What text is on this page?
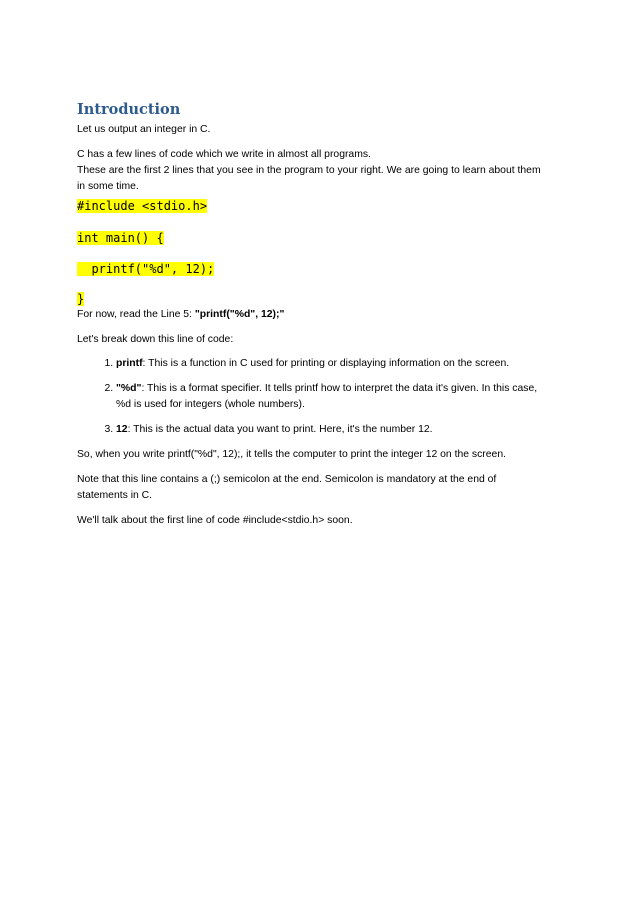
Introduction

Let us output an integer in C.

C has a few lines of code which we write in almost all programs.

These are the first 2 lines that you see in the program to your right. We are going to learn about them in some time.

#include <stdio.h>

int main() {

printf("%d", 12);

}

For now, read the Line 5: "printf("%d", 12);"

Let's break down this line of code:

1. printf: This is a function in C used for printing or displaying information on the screen.
2. "%d": This is a format specifier. It tells printf how to interpret the data it's given. In this case, %d is used for integers (whole numbers).
3. 12: This is the actual data you want to print. Here, it's the number 12.

So, when you write printf("%d", 12);, it tells the computer to print the integer 12 on the screen.

Note that this line contains a (;) semicolon at the end. Semicolon is mandatory at the end of statements in C.

We'll talk about the first line of code #include<stdio.h> soon.
